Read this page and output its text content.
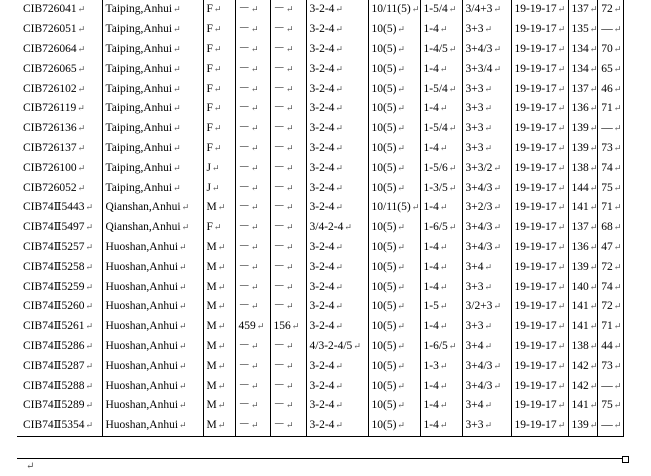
CIB726041↵	Taiping,Anhui↵	F↵	－↵	－↵	3-2-4↵	10/11(5)↵	1-5/4↵	3/4+3↵	19-19-17↵	137↵	72↵
CIB726051↵	Taiping,Anhui↵	F↵	－↵	－↵	3-2-4↵	10(5)↵	1-4↵	3+3↵	19-19-17↵	135↵	—↵
CIB726064↵	Taiping,Anhui↵	F↵	－↵	－↵	3-2-4↵	10(5)↵	1-4/5↵	3+4/3↵	19-19-17↵	134↵	70↵
CIB726065↵	Taiping,Anhui↵	F↵	－↵	－↵	3-2-4↵	10(5)↵	1-4↵	3+3/4↵	19-19-17↵	134↵	65↵
CIB726102↵	Taiping,Anhui↵	F↵	－↵	－↵	3-2-4↵	10(5)↵	1-5/4↵	3+3↵	19-19-17↵	137↵	46↵
CIB726119↵	Taiping,Anhui↵	F↵	－↵	－↵	3-2-4↵	10(5)↵	1-4↵	3+3↵	19-19-17↵	136↵	71↵
CIB726136↵	Taiping,Anhui↵	F↵	－↵	－↵	3-2-4↵	10(5)↵	1-5/4↵	3+3↵	19-19-17↵	139↵	—↵
CIB726137↵	Taiping,Anhui↵	F↵	－↵	－↵	3-2-4↵	10(5)↵	1-4↵	3+3↵	19-19-17↵	139↵	73↵
CIB726100↵	Taiping,Anhui↵	J↵	－↵	－↵	3-2-4↵	10(5)↵	1-5/6↵	3+3/2↵	19-19-17↵	138↵	74↵
CIB726052↵	Taiping,Anhui↵	J↵	－↵	－↵	3-2-4↵	10(5)↵	1-3/5↵	3+4/3↵	19-19-17↵	144↵	75↵
CIB74Ⅱ5443↵	Qianshan,Anhui↵	M↵	－↵	－↵	3-2-4↵	10/11(5)↵	1-4↵	3+2/3↵	19-19-17↵	141↵	71↵
CIB74Ⅱ5497↵	Qianshan,Anhui↵	F↵	－↵	－↵	3/4-2-4↵	10(5)↵	1-6/5↵	3+4/3↵	19-19-17↵	137↵	68↵
CIB74Ⅱ5257↵	Huoshan,Anhui↵	M↵	－↵	－↵	3-2-4↵	10(5)↵	1-4↵	3+4/3↵	19-19-17↵	136↵	47↵
CIB74Ⅱ5258↵	Huoshan,Anhui↵	M↵	－↵	－↵	3-2-4↵	10(5)↵	1-4↵	3+4↵	19-19-17↵	139↵	72↵
CIB74Ⅱ5259↵	Huoshan,Anhui↵	M↵	－↵	－↵	3-2-4↵	10(5)↵	1-4↵	3+3↵	19-19-17↵	140↵	74↵
CIB74Ⅱ5260↵	Huoshan,Anhui↵	M↵	－↵	－↵	3-2-4↵	10(5)↵	1-5↵	3/2+3↵	19-19-17↵	141↵	72↵
CIB74Ⅱ5261↵	Huoshan,Anhui↵	M↵	459↵	156↵	3-2-4↵	10(5)↵	1-4↵	3+3↵	19-19-17↵	141↵	71↵
CIB74Ⅱ5286↵	Huoshan,Anhui↵	M↵	－↵	－↵	4/3-2-4/5↵	10(5)↵	1-6/5↵	3+4↵	19-19-17↵	138↵	44↵
CIB74Ⅱ5287↵	Huoshan,Anhui↵	M↵	－↵	－↵	3-2-4↵	10(5)↵	1-3↵	3+4/3↵	19-19-17↵	142↵	73↵
CIB74Ⅱ5288↵	Huoshan,Anhui↵	M↵	－↵	－↵	3-2-4↵	10(5)↵	1-4↵	3+4/3↵	19-19-17↵	142↵	—↵
CIB74Ⅱ5289↵	Huoshan,Anhui↵	M↵	－↵	－↵	3-2-4↵	10(5)↵	1-4↵	3+4↵	19-19-17↵	141↵	75↵
CIB74Ⅱ5354↵	Huoshan,Anhui↵	M↵	－↵	－↵	3-2-4↵	10(5)↵	1-4↵	3+3↵	19-19-17↵	139↵	—↵
↵
